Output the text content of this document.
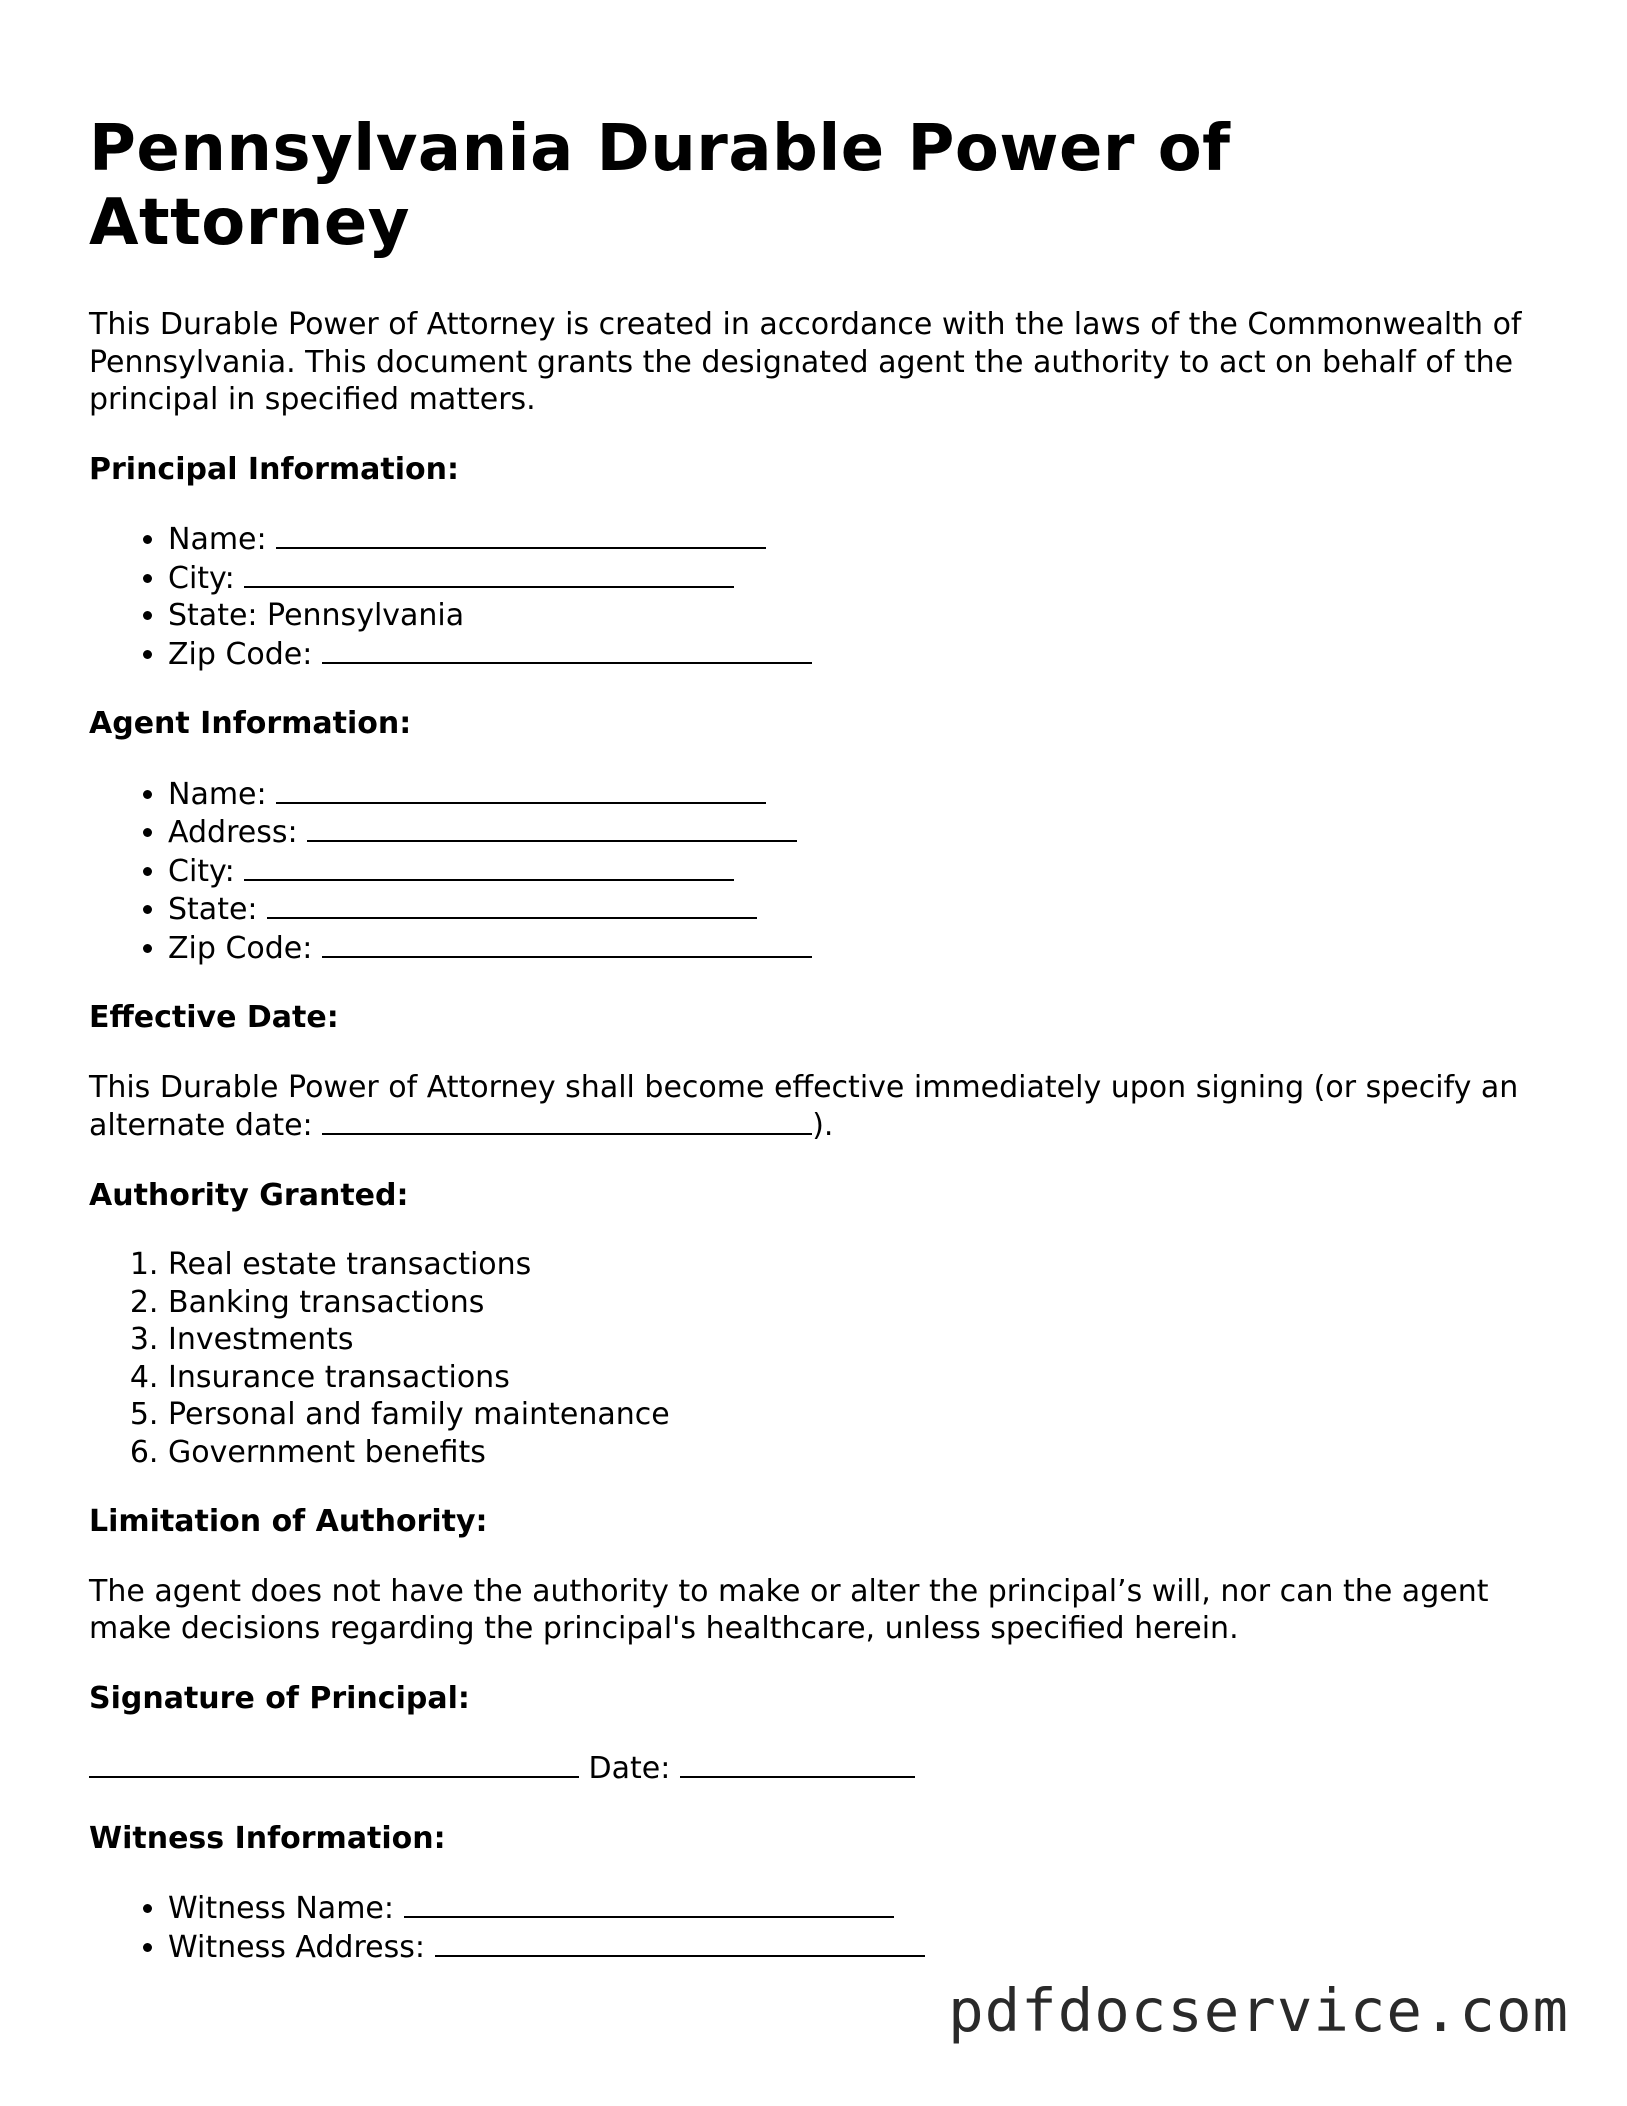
Pennsylvania Durable Power of Attorney

This Durable Power of Attorney is created in accordance with the laws of the Commonwealth of Pennsylvania. This document grants the designated agent the authority to act on behalf of the principal in specified matters.

Principal Information:
• Name:
• City:
• State: Pennsylvania
• Zip Code:
Agent Information:
• Name:
• Address:
• City:
• State:
• Zip Code:
Effective Date:

This Durable Power of Attorney shall become effective immediately upon signing (or specify an alternate date:	).

Authority Granted:
1. Real estate transactions
2. Banking transactions
3. Investments
4. Insurance transactions
5. Personal and family maintenance
6. Government benefits
Limitation of Authority:

The agent does not have the authority to make or alter the principal’s will, nor can the agent make decisions regarding the principal's healthcare, unless specified herein.

Signature of Principal:
Date:
Witness Information:
• Witness Name:
• Witness Address:
pdfdocservice.com
